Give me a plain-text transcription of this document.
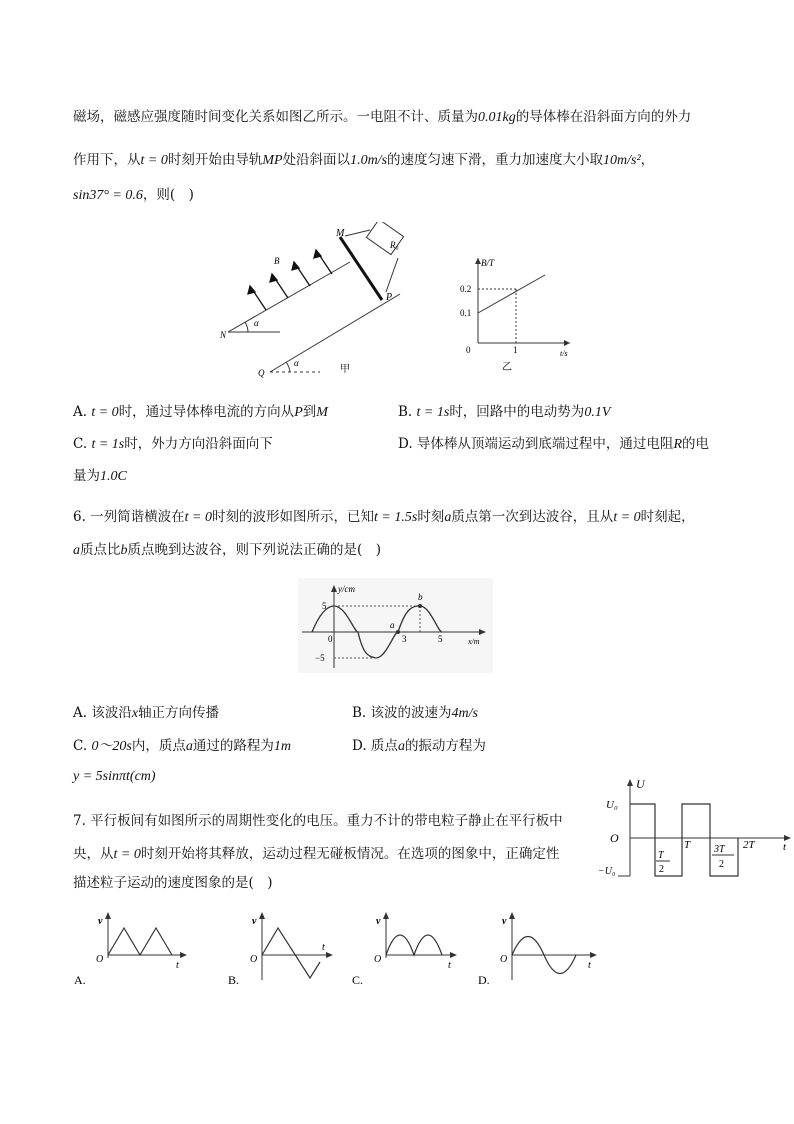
磁场，磁感应强度随时间变化关系如图乙所示。一电阻不计、质量为0.01kg的导体棒在沿斜面方向的外力
作用下，从t = 0时刻开始由导轨MP处沿斜面以1.0m/s的速度匀速下滑，重力加速度大小取10m/s²，
sin37° = 0.6，则(　)
M
R₀
B
N
P
Q
α
α
甲
B/T
t/s
0.2
0.1
1
0
乙
A. t = 0时，通过导体棒电流的方向从P到M	B. t = 1s时，回路中的电动势为0.1V
C. t = 1s时，外力方向沿斜面向下	D. 导体棒从顶端运动到底端过程中，通过电阻R的电
量为1.0C
6. 一列简谐横波在t = 0时刻的波形如图所示，已知t = 1.5s时刻a质点第一次到达波谷，且从t = 0时刻起，
a质点比b质点晚到达波谷，则下列说法正确的是(　)
y/cm
x/m
5
−5
0	3	5
a
b
A. 该波沿x轴正方向传播	B. 该波的波速为4m/s
C. 0～20s内，质点a通过的路程为1m	D. 质点a的振动方程为
y = 5sinπt(cm)
7. 平行板间有如图所示的周期性变化的电压。重力不计的带电粒子静止在平行板中
央，从t = 0时刻开始将其释放，运动过程无碰板情况。在选项的图象中，正确定性
描述粒子运动的速度图象的是(　)
U
U₀
−U₀
O
T
2
T 3T
2
2T	t
v
O
t
A.
v
O
t
B.
v
O
t
C.
v
O
t
D.
